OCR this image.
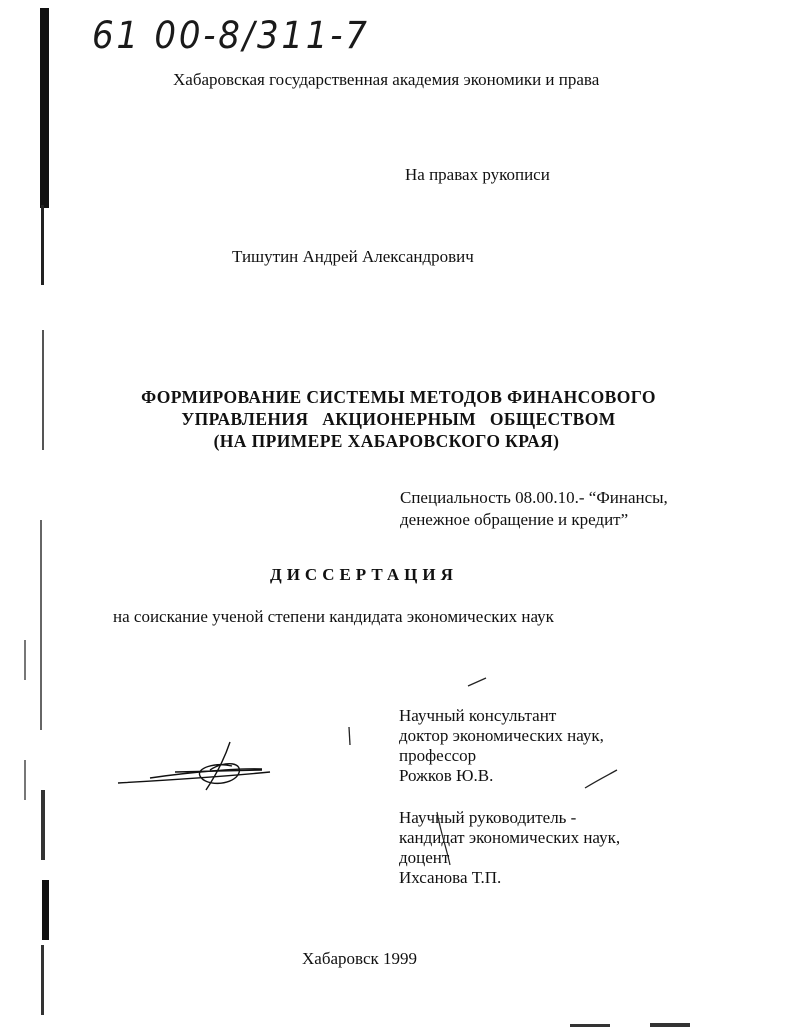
61 00-8/311-7
Хабаровская государственная академия экономики и права
На правах рукописи
Тишутин Андрей Александрович
ФОРМИРОВАНИЕ СИСТЕМЫ МЕТОДОВ ФИНАНСОВОГО
УПРАВЛЕНИЯ АКЦИОНЕРНЫМ ОБЩЕСТВОМ
(НА ПРИМЕРЕ ХАБАРОВСКОГО КРАЯ)
Специальность 08.00.10.- “Финансы,
денежное обращение и кредит”
ДИССЕРТАЦИЯ
на соискание ученой степени кандидата экономических наук
Научный консультант
доктор экономических наук,
профессор
Рожков Ю.В.
Научный руководитель -
кандидат экономических наук,
доцент
Ихсанова Т.П.
Хабаровск 1999
